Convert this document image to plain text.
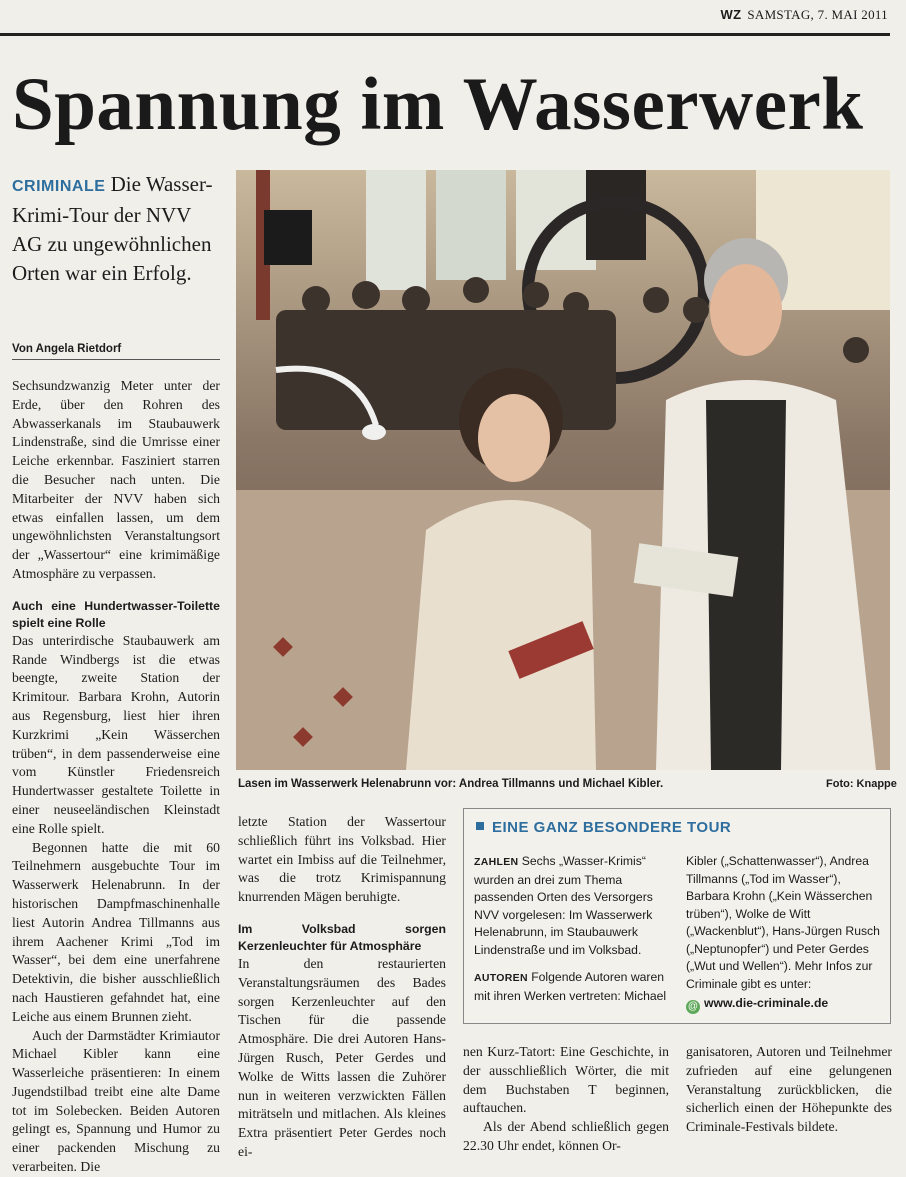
WZ SAMSTAG, 7. MAI 2011
Spannung im Wasserwerk
CRIMINALE Die Wasser-Krimi-Tour der NVV AG zu ungewöhnlichen Orten war ein Erfolg.
Von Angela Rietdorf

Sechsundzwanzig Meter unter der Erde, über den Rohren des Abwasserkanals im Staubauwerk Lindenstraße, sind die Umrisse einer Leiche erkennbar. Fasziniert starren die Besucher nach unten. Die Mitarbeiter der NVV haben sich etwas einfallen lassen, um dem ungewöhnlichsten Veranstaltungsort der „Wassertour“ eine krimimäßige Atmosphäre zu verpassen.

Auch eine Hundertwasser-Toilette spielt eine Rolle

Das unterirdische Staubauwerk am Rande Windbergs ist die etwas beengte, zweite Station der Krimitour. Barbara Krohn, Autorin aus Regensburg, liest hier ihren Kurzkrimi „Kein Wässerchen trüben“, in dem passenderweise eine vom Künstler Friedensreich Hundertwasser gestaltete Toilette in einer neuseeländischen Kleinstadt eine Rolle spielt.

Begonnen hatte die mit 60 Teilnehmern ausgebuchte Tour im Wasserwerk Helenabrunn. In der historischen Dampfmaschinenhalle liest Autorin Andrea Tillmanns aus ihrem Aachener Krimi „Tod im Wasser“, bei dem eine unerfahrene Detektivin, die bisher ausschließlich nach Haustieren gefahndet hat, eine Leiche aus einem Brunnen zieht.

Auch der Darmstädter Krimiautor Michael Kibler kann eine Wasserleiche präsentieren: In einem Jugendstilbad treibt eine alte Dame tot im Solebecken. Beiden Autoren gelingt es, Spannung und Humor zu einer packenden Mischung zu verarbeiten. Die

Lasen im Wasserwerk Helenabrunn vor: Andrea Tillmanns und Michael Kibler.	Foto: Knappe

letzte Station der Wassertour schließlich führt ins Volksbad. Hier wartet ein Imbiss auf die Teilnehmer, was die trotz Krimispannung knurrenden Mägen beruhigte.

Im Volksbad sorgen Kerzenleuchter für Atmosphäre

In den restaurierten Veranstaltungsräumen des Bades sorgen Kerzenleuchter auf den Tischen für die passende Atmosphäre. Die drei Autoren Hans-Jürgen Rusch, Peter Gerdes und Wolke de Witts lassen die Zuhörer nun in weiteren verzwickten Fällen miträtseln und mitlachen. Als kleines Extra präsentiert Peter Gerdes noch ei-

EINE GANZ BESONDERE TOUR
ZAHLEN Sechs „Wasser-Krimis“ wurden an drei zum Thema passenden Orten des Versorgers NVV vorgelesen: Im Wasserwerk Helenabrunn, im Staubauwerk Lindenstraße und im Volksbad.
AUTOREN Folgende Autoren waren mit ihren Werken vertreten: Michael
Kibler („Schattenwasser“), Andrea Tillmanns („Tod im Wasser“), Barbara Krohn („Kein Wässerchen trüben“), Wolke de Witt („Wackenblut“), Hans-Jürgen Rusch („Neptunopfer“) und Peter Gerdes („Wut und Wellen“). Mehr Infos zur Criminale gibt es unter:
@ www.die-criminale.de

nen Kurz-Tatort: Eine Geschichte, in der ausschließlich Wörter, die mit dem Buchstaben T beginnen, auftauchen.

Als der Abend schließlich gegen 22.30 Uhr endet, können Or-

ganisatoren, Autoren und Teilnehmer zufrieden auf eine gelungenen Veranstaltung zurückblicken, die sicherlich einen der Höhepunkte des Criminale-Festivals bildete.
